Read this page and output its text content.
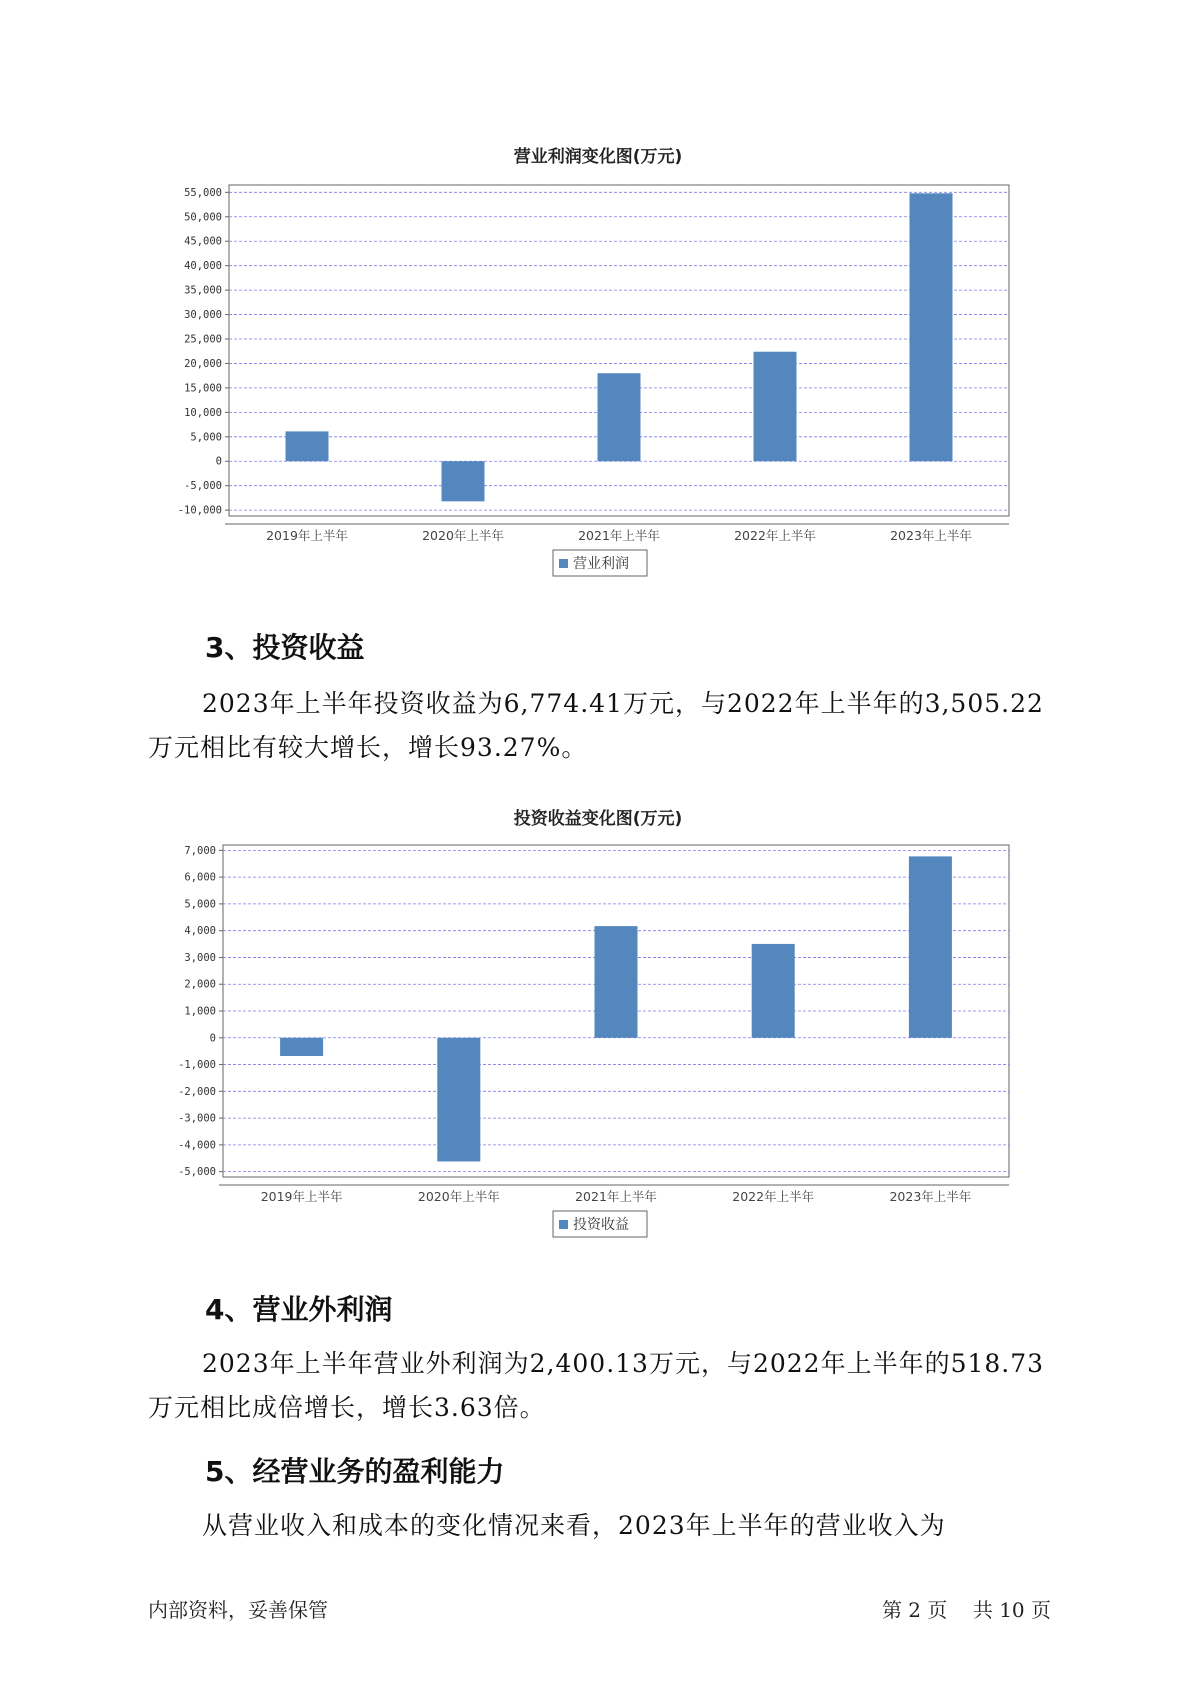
营业利润变化图(万元)
-10,000
-5,000
0
5,000
10,000
15,000
20,000
25,000
30,000
35,000
40,000
45,000
50,000
55,000
2019年上半年	2020年上半年	2021年上半年	2022年上半年	2023年上半年
营业利润
3、投资收益

2023年上半年投资收益为6,774.41万元，与2022年上半年的3,505.22
万元相比有较大增长，增长93.27%。

投资收益变化图(万元)
-5,000
-4,000
-3,000
-2,000
-1,000
0
1,000
2,000
3,000
4,000
5,000
6,000
7,000
2019年上半年	2020年上半年	2021年上半年	2022年上半年	2023年上半年
投资收益
4、营业外利润

2023年上半年营业外利润为2,400.13万元，与2022年上半年的518.73
万元相比成倍增长，增长3.63倍。

5、经营业务的盈利能力

从营业收入和成本的变化情况来看，2023年上半年的营业收入为

内部资料，妥善保管	第 2 页 共 10 页
